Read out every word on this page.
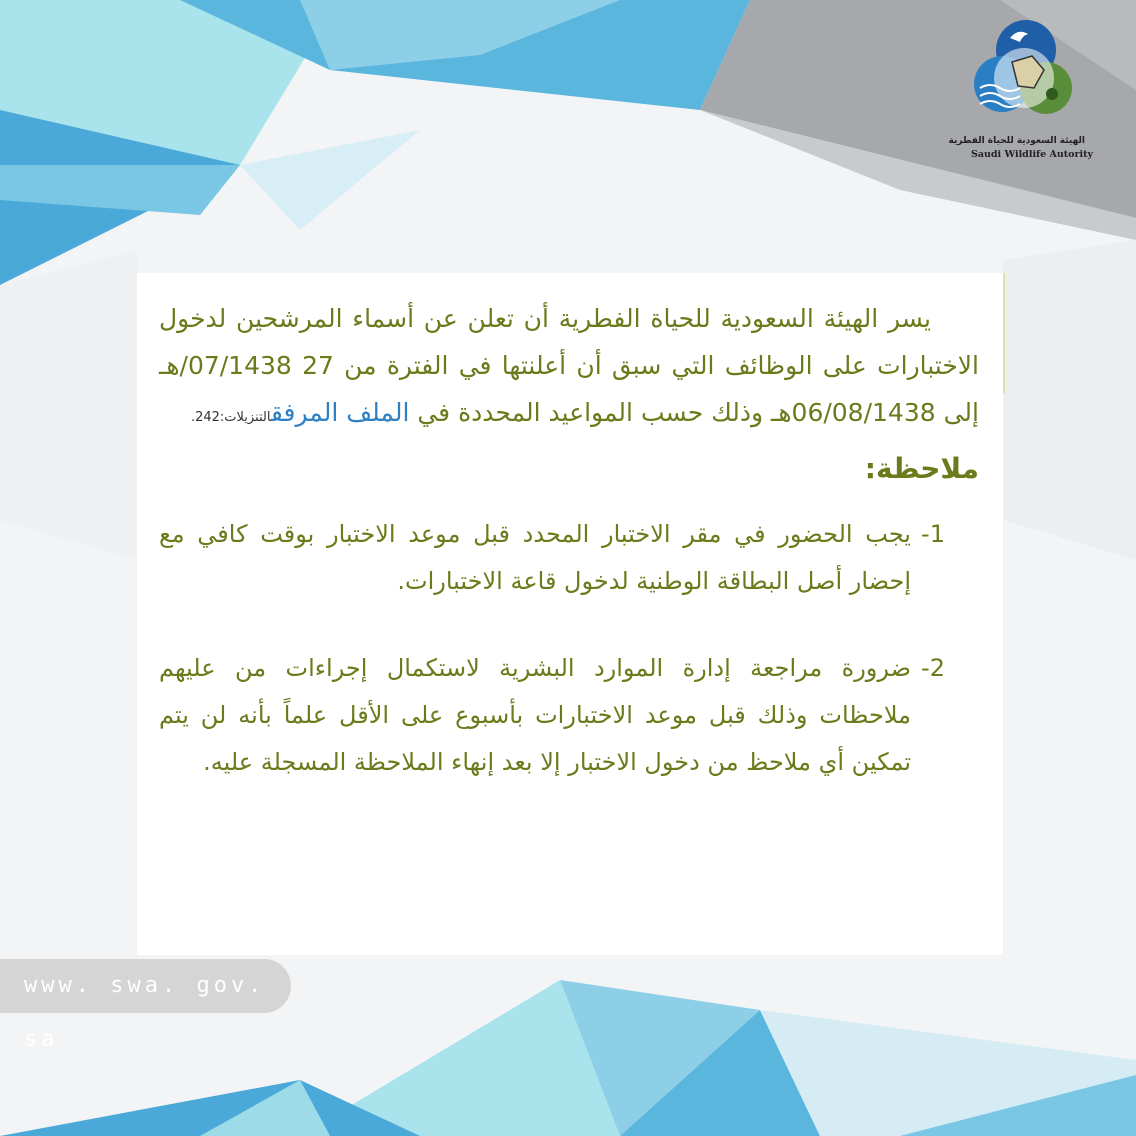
الهيئة السعودية للحياة الفطرية
Saudi Wildlife Autority

يسر الهيئة السعودية للحياة الفطرية أن تعلن عن أسماء المرشحين لدخول الاختبارات على الوظائف التي سبق أن أعلنتها في الفترة من 27 07/1438/هـ إلى 06/08/1438هـ وذلك حسب المواعيد المحددة في الملف المرفقالتنزيلات:242.

ملاحظة:

1-
يجب الحضور في مقر الاختبار المحدد قبل موعد الاختبار بوقت كافي مع إحضار أصل البطاقة الوطنية لدخول قاعة الاختبارات.

2-
ضرورة مراجعة إدارة الموارد البشرية لاستكمال إجراءات من عليهم ملاحظات وذلك قبل موعد الاختبارات بأسبوع على الأقل علماً بأنه لن يتم تمكين أي ملاحظ من دخول الاختبار إلا بعد إنهاء الملاحظة المسجلة عليه.

www. swa. gov. sa
